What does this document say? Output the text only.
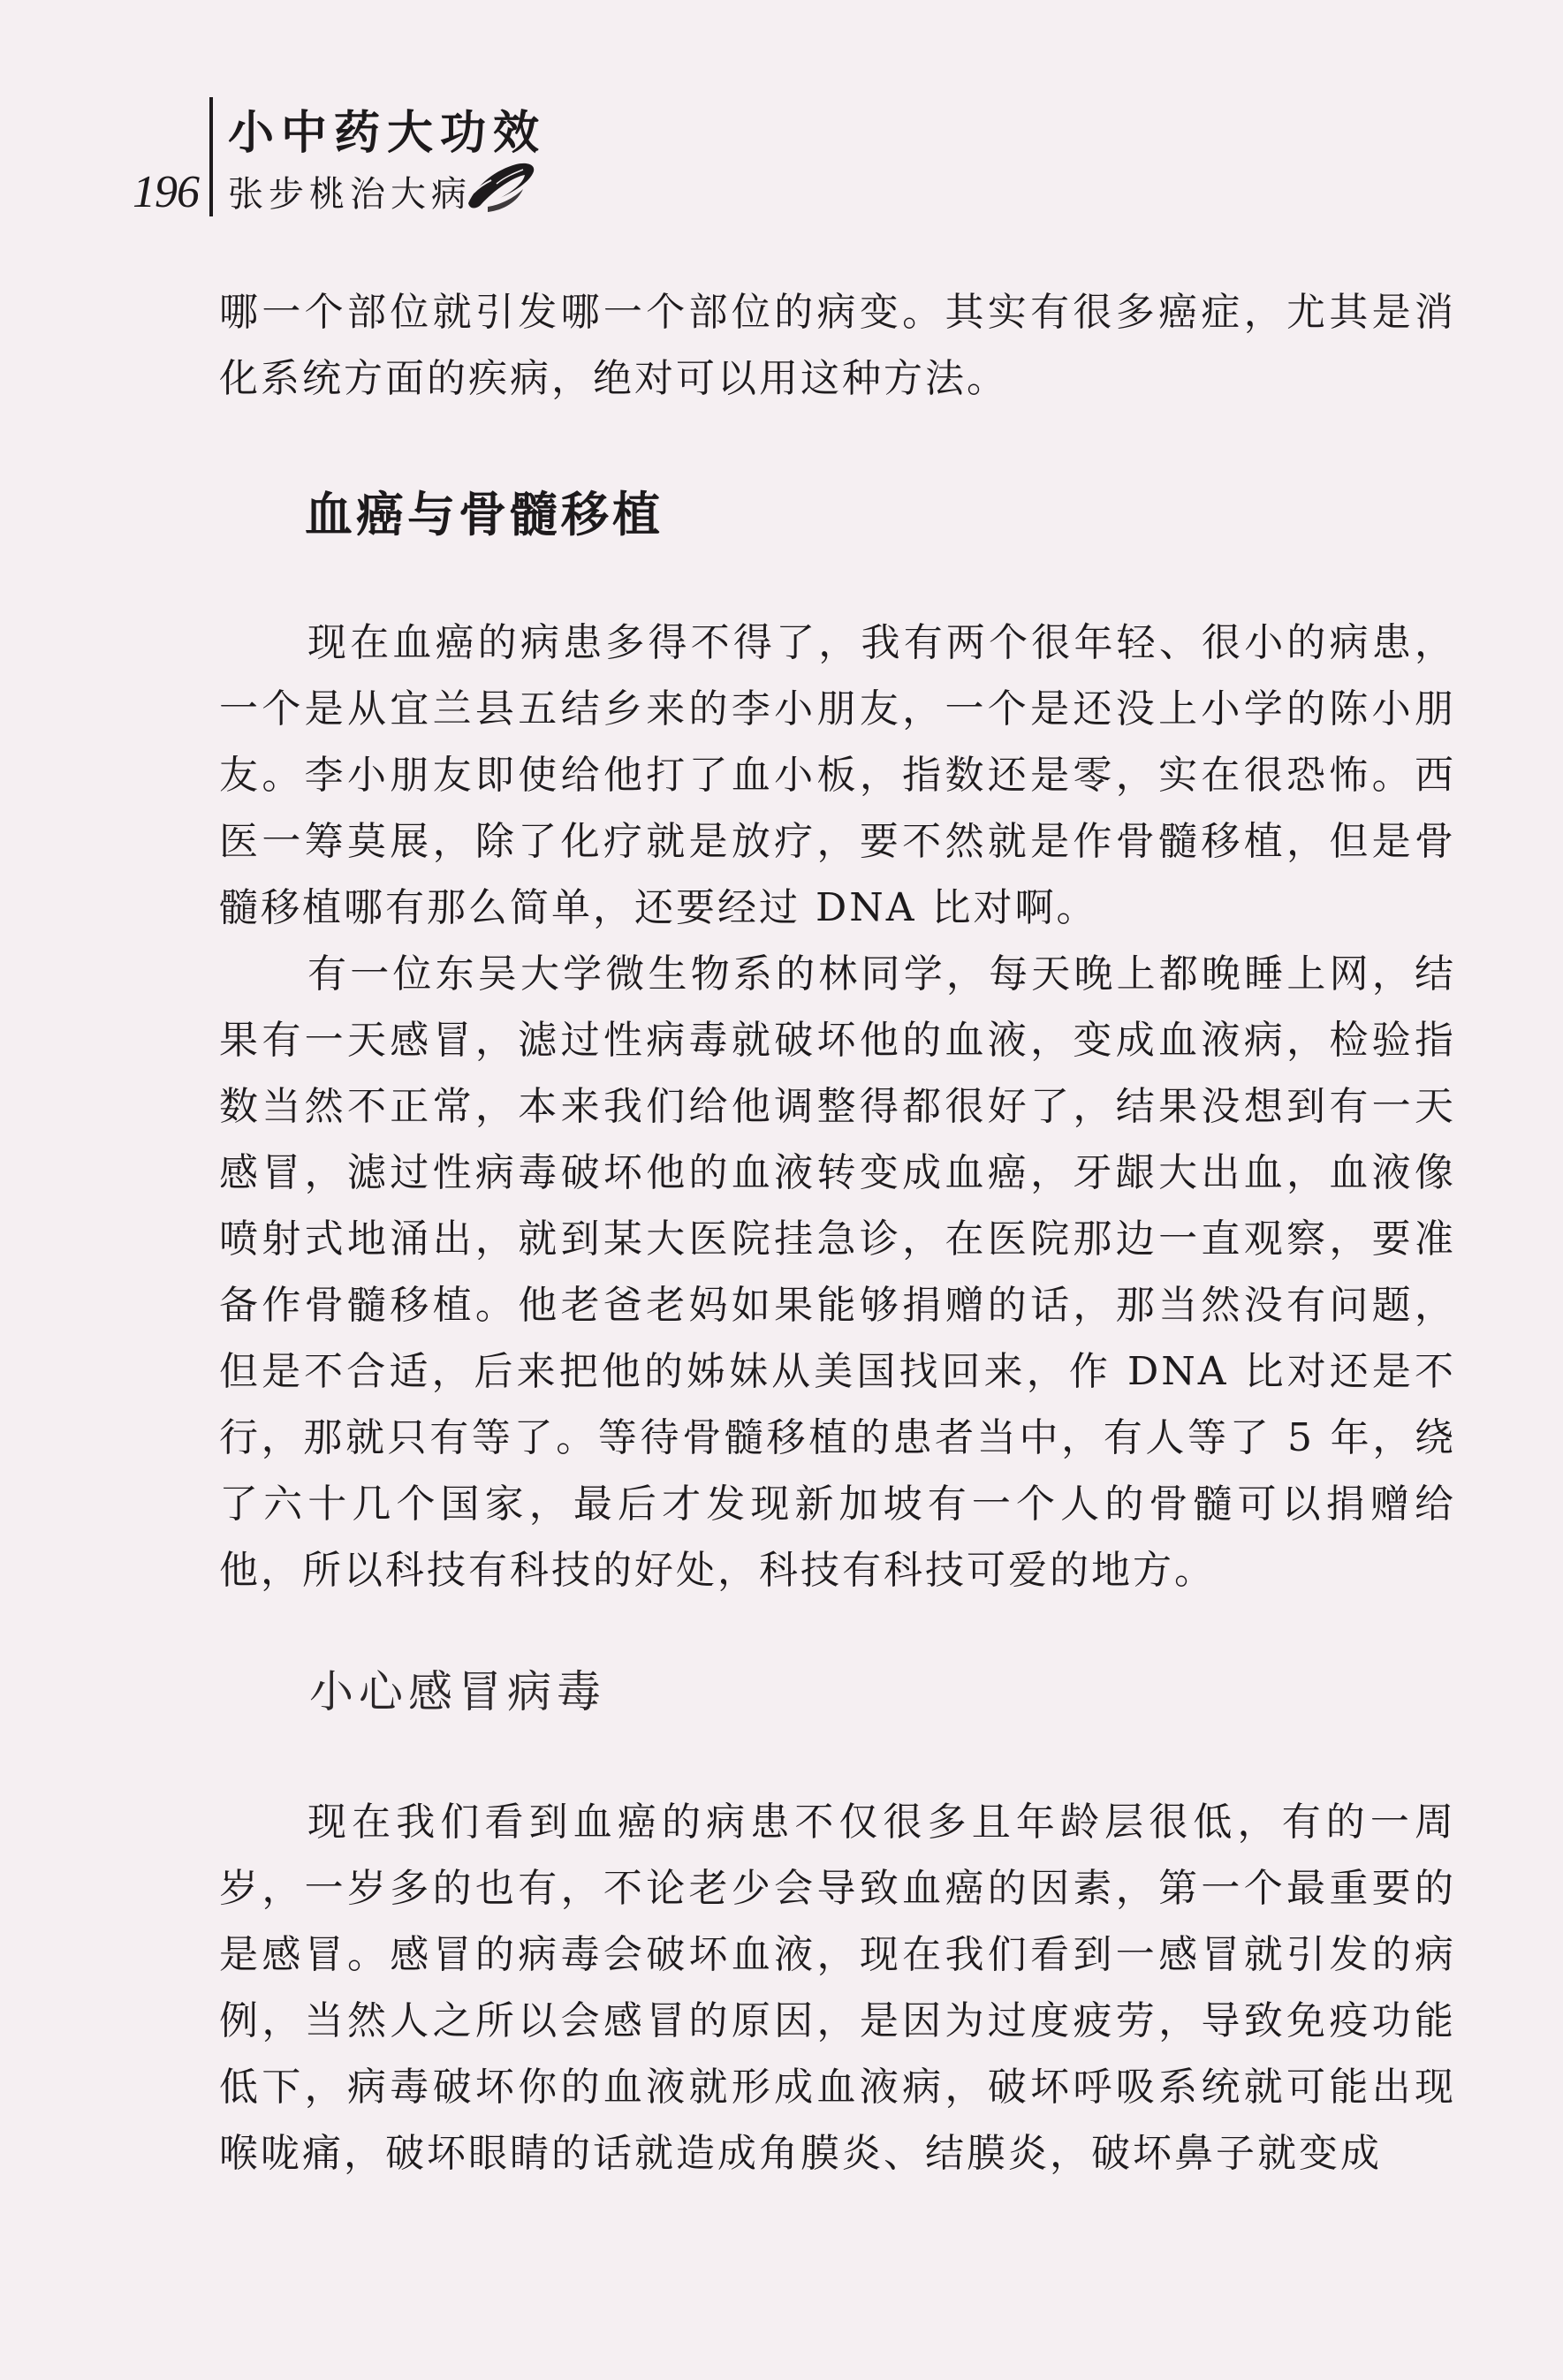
196
小中药大功效
张步桃治大病

哪一个部位就引发哪一个部位的病变。其实有很多癌症，尤其是消化系统方面的疾病，绝对可以用这种方法。

血癌与骨髓移植

现在血癌的病患多得不得了，我有两个很年轻、很小的病患，一个是从宜兰县五结乡来的李小朋友，一个是还没上小学的陈小朋友。李小朋友即使给他打了血小板，指数还是零，实在很恐怖。西医一筹莫展，除了化疗就是放疗，要不然就是作骨髓移植，但是骨髓移植哪有那么简单，还要经过 DNA 比对啊。

有一位东吴大学微生物系的林同学，每天晚上都晚睡上网，结果有一天感冒，滤过性病毒就破坏他的血液，变成血液病，检验指数当然不正常，本来我们给他调整得都很好了，结果没想到有一天感冒，滤过性病毒破坏他的血液转变成血癌，牙龈大出血，血液像喷射式地涌出，就到某大医院挂急诊，在医院那边一直观察，要准备作骨髓移植。他老爸老妈如果能够捐赠的话，那当然没有问题，但是不合适，后来把他的姊妹从美国找回来，作 DNA 比对还是不行，那就只有等了。等待骨髓移植的患者当中，有人等了 5 年，绕了六十几个国家，最后才发现新加坡有一个人的骨髓可以捐赠给他，所以科技有科技的好处，科技有科技可爱的地方。

小心感冒病毒

现在我们看到血癌的病患不仅很多且年龄层很低，有的一周岁，一岁多的也有，不论老少会导致血癌的因素，第一个最重要的是感冒。感冒的病毒会破坏血液，现在我们看到一感冒就引发的病例，当然人之所以会感冒的原因，是因为过度疲劳，导致免疫功能低下，病毒破坏你的血液就形成血液病，破坏呼吸系统就可能出现喉咙痛，破坏眼睛的话就造成角膜炎、结膜炎，破坏鼻子就变成
